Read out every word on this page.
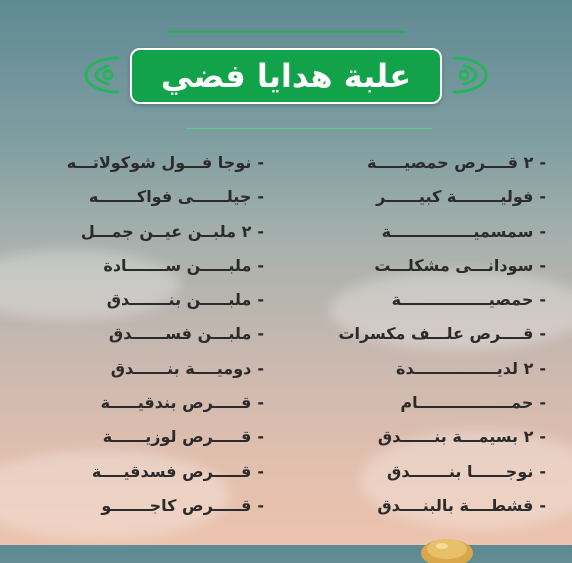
علبة هدايا فضي
-٢ قــــرص حمصيـــــة
-فوليــــــــة كبيــــــر
-سمسميـــــــــــــــة
-سودانـــى مشكلـــت
-حمصيــــــــــــــــة
-قــــرص علـــف مكسرات
-٢ لديـــــــــــــــدة
-حمـــــــــــــــــام
-٢ بسيمـــة بنــــــدق
-نوجــــــا بنـــــــدق
-قشطــــة بالبنــــدق
-نوجا فـــول شوكولاتـــه
-جيلــــــى فواكـــــــه
-٢ ملبــن عيــن جمـــل
-ملبـــــن ســـــــادة
-ملبـــــن بنـــــــدق
-ملبـــن فســــــدق
-دوميــــة بنــــــدق
-قـــــرص بندقيـــــة
-قـــــرص لوزيــــــة
-قـــــرص فسدقيــــة
-قـــــرص كاجـــــــو
